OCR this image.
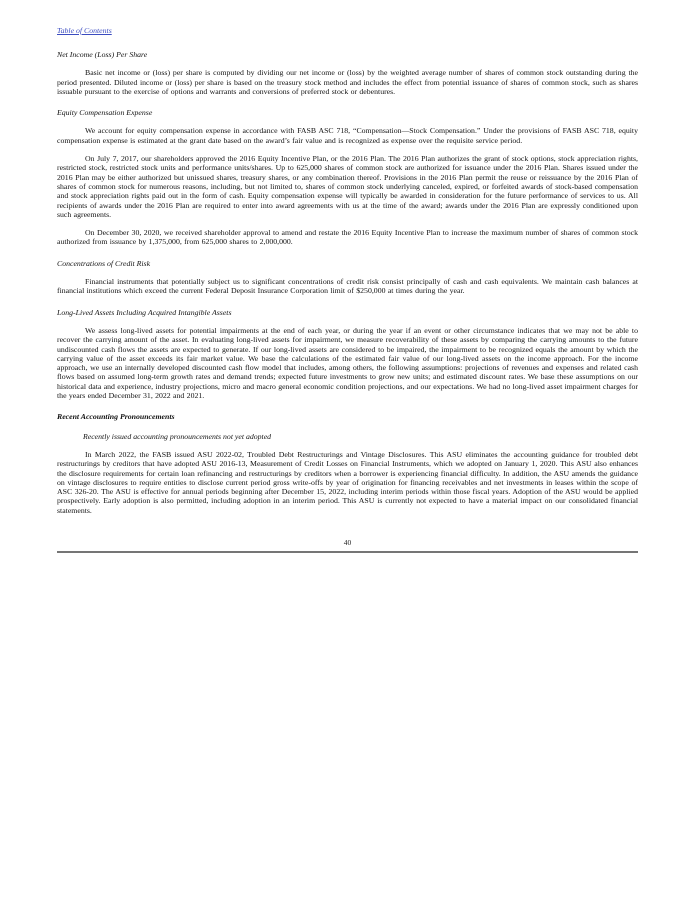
Table of Contents
Net Income (Loss) Per Share

Basic net income or (loss) per share is computed by dividing our net income or (loss) by the weighted average number of shares of common stock outstanding during the period presented. Diluted income or (loss) per share is based on the treasury stock method and includes the effect from potential issuance of shares of common stock, such as shares issuable pursuant to the exercise of options and warrants and conversions of preferred stock or debentures.

Equity Compensation Expense

We account for equity compensation expense in accordance with FASB ASC 718, “Compensation—Stock Compensation.” Under the provisions of FASB ASC 718, equity compensation expense is estimated at the grant date based on the award’s fair value and is recognized as expense over the requisite service period.

On July 7, 2017, our shareholders approved the 2016 Equity Incentive Plan, or the 2016 Plan. The 2016 Plan authorizes the grant of stock options, stock appreciation rights, restricted stock, restricted stock units and performance units/shares. Up to 625,000 shares of common stock are authorized for issuance under the 2016 Plan. Shares issued under the 2016 Plan may be either authorized but unissued shares, treasury shares, or any combination thereof. Provisions in the 2016 Plan permit the reuse or reissuance by the 2016 Plan of shares of common stock for numerous reasons, including, but not limited to, shares of common stock underlying canceled, expired, or forfeited awards of stock-based compensation and stock appreciation rights paid out in the form of cash. Equity compensation expense will typically be awarded in consideration for the future performance of services to us. All recipients of awards under the 2016 Plan are required to enter into award agreements with us at the time of the award; awards under the 2016 Plan are expressly conditioned upon such agreements.

On December 30, 2020, we received shareholder approval to amend and restate the 2016 Equity Incentive Plan to increase the maximum number of shares of common stock authorized from issuance by 1,375,000, from 625,000 shares to 2,000,000.

Concentrations of Credit Risk

Financial instruments that potentially subject us to significant concentrations of credit risk consist principally of cash and cash equivalents. We maintain cash balances at financial institutions which exceed the current Federal Deposit Insurance Corporation limit of $250,000 at times during the year.

Long-Lived Assets Including Acquired Intangible Assets

We assess long-lived assets for potential impairments at the end of each year, or during the year if an event or other circumstance indicates that we may not be able to recover the carrying amount of the asset. In evaluating long-lived assets for impairment, we measure recoverability of these assets by comparing the carrying amounts to the future undiscounted cash flows the assets are expected to generate. If our long-lived assets are considered to be impaired, the impairment to be recognized equals the amount by which the carrying value of the asset exceeds its fair market value. We base the calculations of the estimated fair value of our long-lived assets on the income approach. For the income approach, we use an internally developed discounted cash flow model that includes, among others, the following assumptions: projections of revenues and expenses and related cash flows based on assumed long-term growth rates and demand trends; expected future investments to grow new units; and estimated discount rates. We base these assumptions on our historical data and experience, industry projections, micro and macro general economic condition projections, and our expectations. We had no long-lived asset impairment charges for the years ended December 31, 2022 and 2021.

Recent Accounting Pronouncements
Recently issued accounting pronouncements not yet adopted

In March 2022, the FASB issued ASU 2022-02, Troubled Debt Restructurings and Vintage Disclosures. This ASU eliminates the accounting guidance for troubled debt restructurings by creditors that have adopted ASU 2016-13, Measurement of Credit Losses on Financial Instruments, which we adopted on January 1, 2020. This ASU also enhances the disclosure requirements for certain loan refinancing and restructurings by creditors when a borrower is experiencing financial difficulty. In addition, the ASU amends the guidance on vintage disclosures to require entities to disclose current period gross write-offs by year of origination for financing receivables and net investments in leases within the scope of ASC 326-20. The ASU is effective for annual periods beginning after December 15, 2022, including interim periods within those fiscal years. Adoption of the ASU would be applied prospectively. Early adoption is also permitted, including adoption in an interim period. This ASU is currently not expected to have a material impact on our consolidated financial statements.

40
